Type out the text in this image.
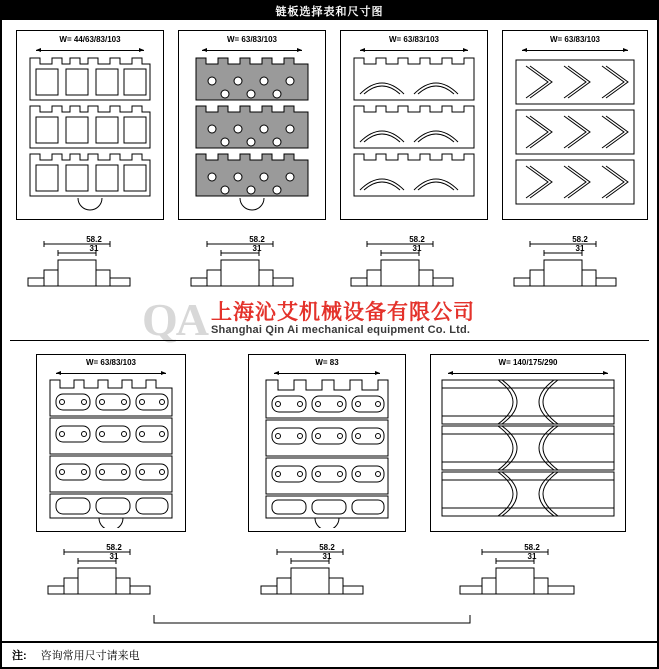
链板选择表和尺寸图
W= 44/63/83/103	W= 63/83/103	W= 63/83/103	W= 63/83/103
58.2
31
58.2
31
58.2
31
58.2
31
QA 上海沁艾机械设备有限公司
Shanghai Qin Ai mechanical equipment Co. Ltd.
W= 63/83/103	W= 83	W= 140/175/290
58.2
31
58.2
31
58.2
31
注: 咨询常用尺寸请来电
